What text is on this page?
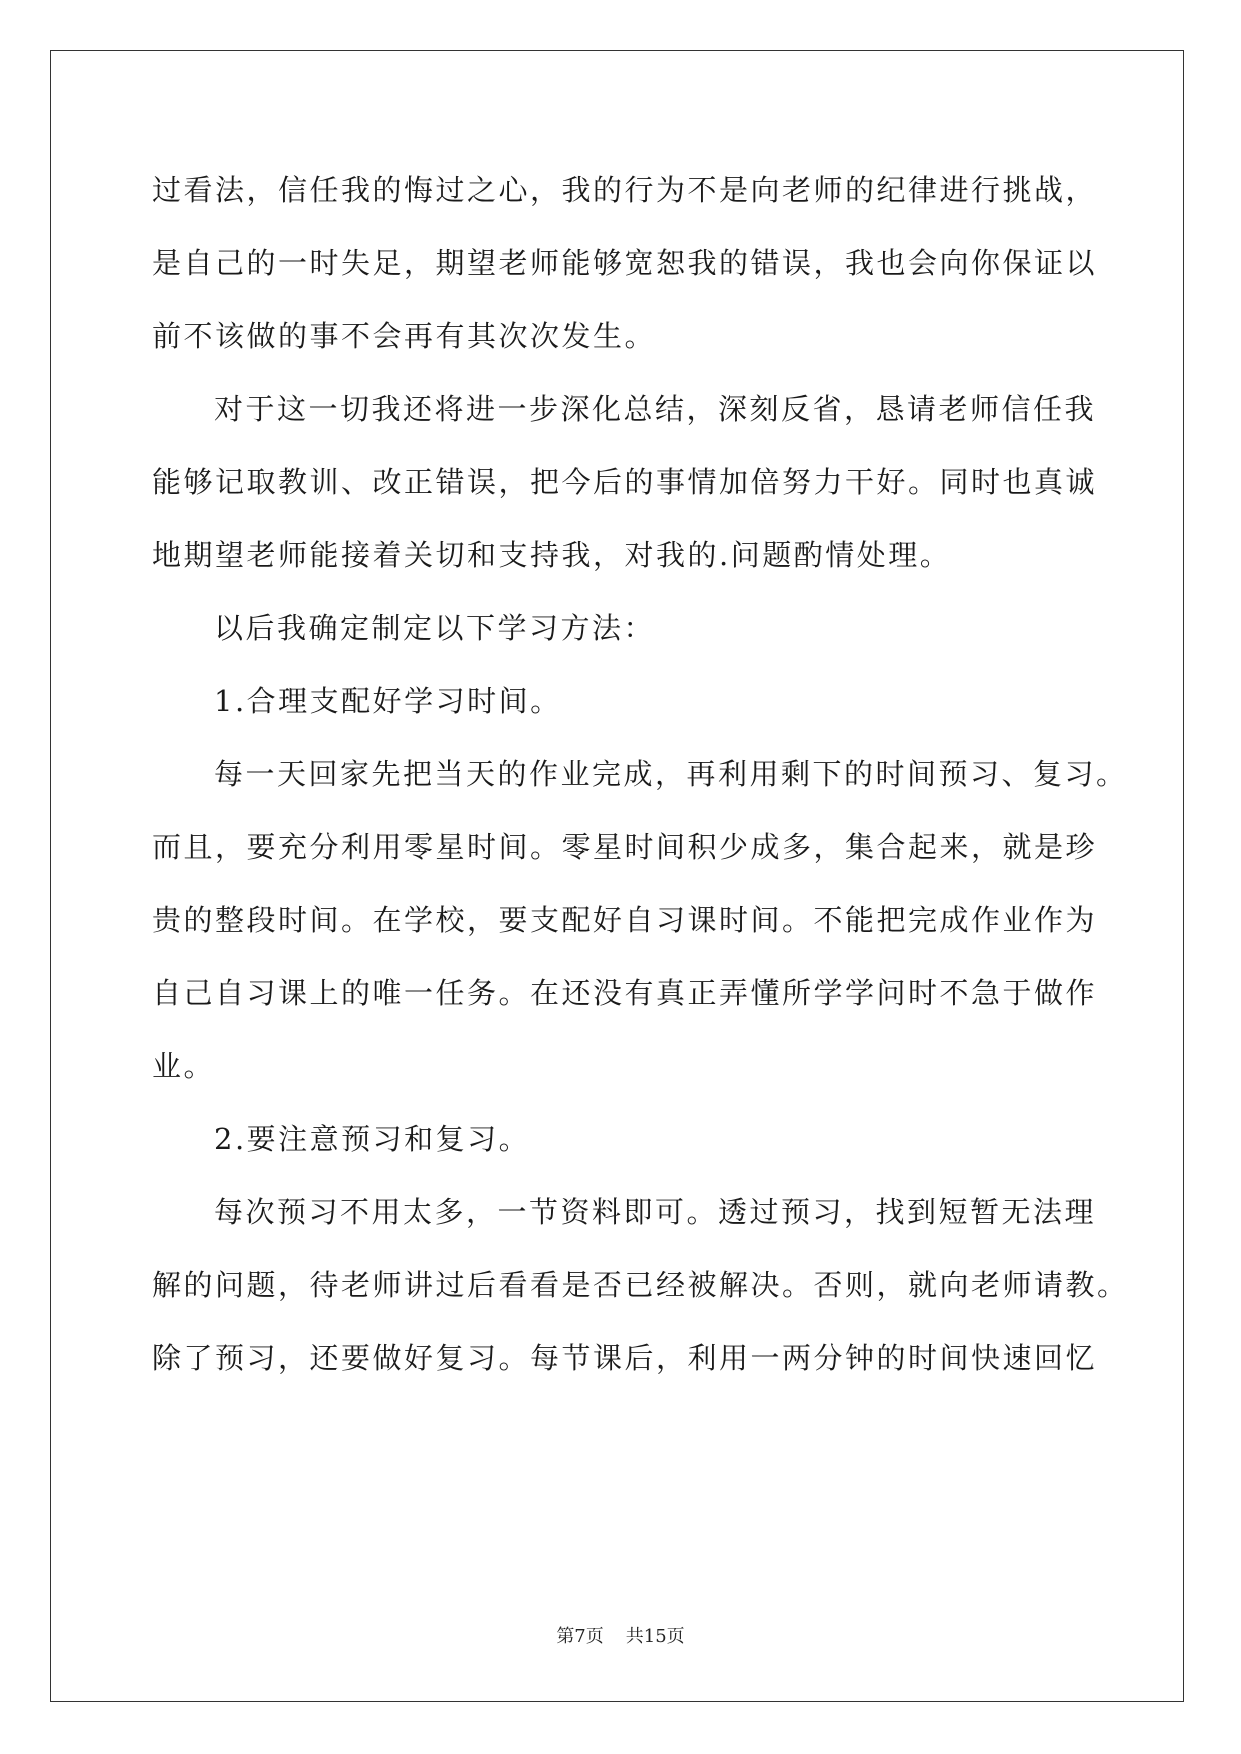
过看法，信任我的悔过之心，我的行为不是向老师的纪律进行挑战，
是自己的一时失足，期望老师能够宽恕我的错误，我也会向你保证以
前不该做的事不会再有其次次发生。
对于这一切我还将进一步深化总结，深刻反省，恳请老师信任我
能够记取教训、改正错误，把今后的事情加倍努力干好。同时也真诚
地期望老师能接着关切和支持我，对我的.问题酌情处理。
以后我确定制定以下学习方法：
1.合理支配好学习时间。
每一天回家先把当天的作业完成，再利用剩下的时间预习、复习。
而且，要充分利用零星时间。零星时间积少成多，集合起来，就是珍
贵的整段时间。在学校，要支配好自习课时间。不能把完成作业作为
自己自习课上的唯一任务。在还没有真正弄懂所学学问时不急于做作
业。
2.要注意预习和复习。
每次预习不用太多，一节资料即可。透过预习，找到短暂无法理
解的问题，待老师讲过后看看是否已经被解决。否则，就向老师请教。
除了预习，还要做好复习。每节课后，利用一两分钟的时间快速回忆
第7页 共15页
